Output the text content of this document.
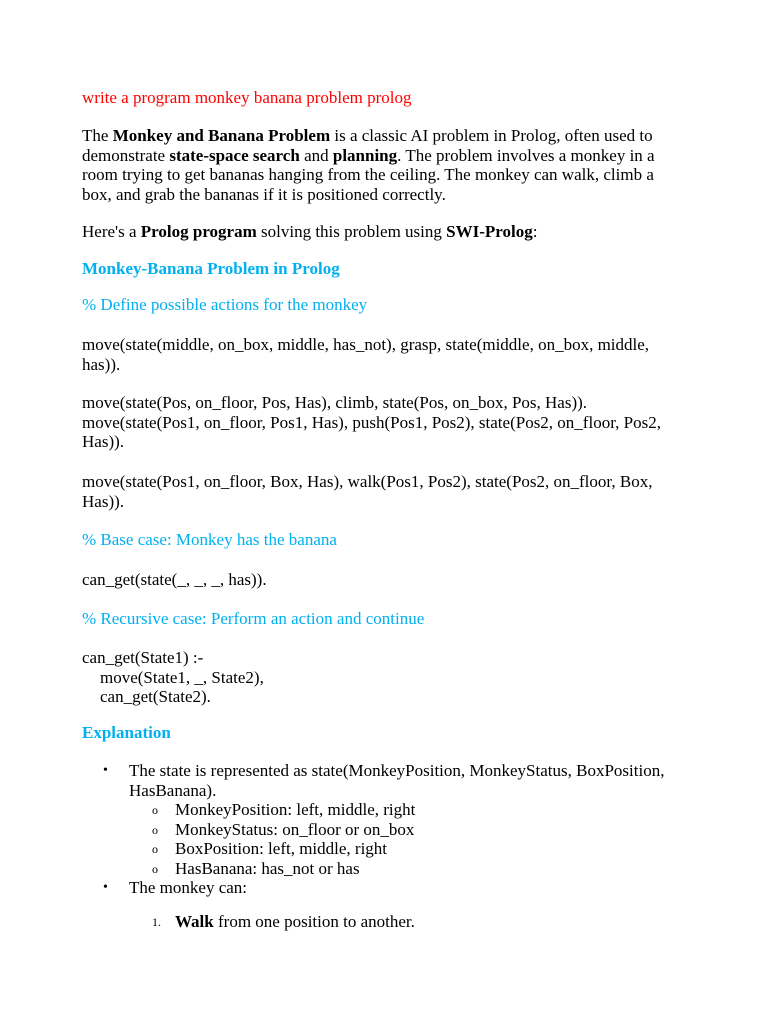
write a program monkey banana problem prolog

The Monkey and Banana Problem is a classic AI problem in Prolog, often used to demonstrate state-space search and planning. The problem involves a monkey in a room trying to get bananas hanging from the ceiling. The monkey can walk, climb a box, and grab the bananas if it is positioned correctly.

Here's a Prolog program solving this problem using SWI-Prolog:

Monkey-Banana Problem in Prolog

% Define possible actions for the monkey

move(state(middle, on_box, middle, has_not), grasp, state(middle, on_box, middle, has)).

move(state(Pos, on_floor, Pos, Has), climb, state(Pos, on_box, Pos, Has)).
move(state(Pos1, on_floor, Pos1, Has), push(Pos1, Pos2), state(Pos2, on_floor, Pos2, Has)).

move(state(Pos1, on_floor, Box, Has), walk(Pos1, Pos2), state(Pos2, on_floor, Box, Has)).

% Base case: Monkey has the banana

can_get(state(_, _, _, has)).

% Recursive case: Perform an action and continue

can_get(State1) :-
move(State1, _, State2),
can_get(State2).

Explanation

• The state is represented as state(MonkeyPosition, MonkeyStatus, BoxPosition, HasBanana).
o MonkeyPosition: left, middle, right
o MonkeyStatus: on_floor or on_box
o BoxPosition: left, middle, right
o HasBanana: has_not or has
• The monkey can:
1. Walk from one position to another.
